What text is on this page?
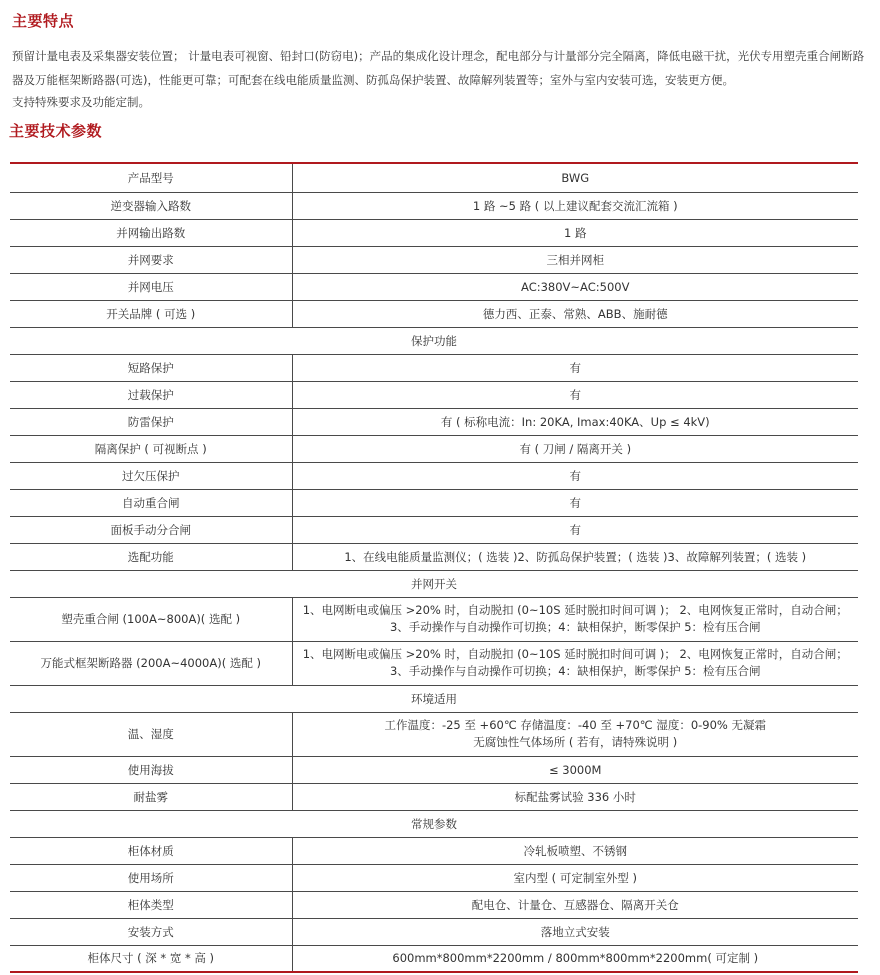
主要特点
预留计量电表及采集器安装位置； 计量电表可视窗、铅封口(防窃电)；产品的集成化设计理念，配电部分与计量部分完全隔离，降低电磁干扰，光伏专用塑壳重合闸断路器及万能框架断路器(可选)，性能更可靠；可配套在线电能质量监测、防孤岛保护装置、故障解列装置等；室外与室内安装可选，安装更方便。
支持特殊要求及功能定制。
主要技术参数
产品型号	BWG
逆变器输入路数	1 路 ~5 路 ( 以上建议配套交流汇流箱 )
并网输出路数	1 路
并网要求	三相并网柜
并网电压	AC:380V~AC:500V
开关品牌 ( 可选 )	德力西、正泰、常熟、ABB、施耐德
保护功能	
短路保护	有
过载保护	有
防雷保护	有 ( 标称电流：In: 20KA, Imax:40KA、Up ≤ 4kV)
隔离保护 ( 可视断点 )	有 ( 刀闸 / 隔离开关 )
过欠压保护	有
自动重合闸	有
面板手动分合闸	有
选配功能	1、在线电能质量监测仪；( 选装 )2、防孤岛保护装置；( 选装 )3、故障解列装置；( 选装 )
并网开关	
塑壳重合闸 (100A~800A)( 选配 )	1、电网断电或偏压 >20% 时，自动脱扣 (0~10S 延时脱扣时间可调 )； 2、电网恢复正常时，自动合闸；
3、手动操作与自动操作可切换；4：缺相保护，断零保护 5：检有压合闸

万能式框架断路器 (200A~4000A)( 选配 )	1、电网断电或偏压 >20% 时，自动脱扣 (0~10S 延时脱扣时间可调 )； 2、电网恢复正常时，自动合闸；
3、手动操作与自动操作可切换；4：缺相保护，断零保护 5：检有压合闸

环境适用	
温、湿度	工作温度：-25 至 +60℃ 存储温度：-40 至 +70℃ 湿度：0-90% 无凝霜
无腐蚀性气体场所 ( 若有，请特殊说明 )

使用海拔	≤ 3000M
耐盐雾	标配盐雾试验 336 小时
常规参数	
柜体材质	冷轧板喷塑、不锈钢
使用场所	室内型 ( 可定制室外型 )
柜体类型	配电仓、计量仓、互感器仓、隔离开关仓
安装方式	落地立式安装
柜体尺寸 ( 深 * 宽 * 高 )	600mm*800mm*2200mm / 800mm*800mm*2200mm( 可定制 )
